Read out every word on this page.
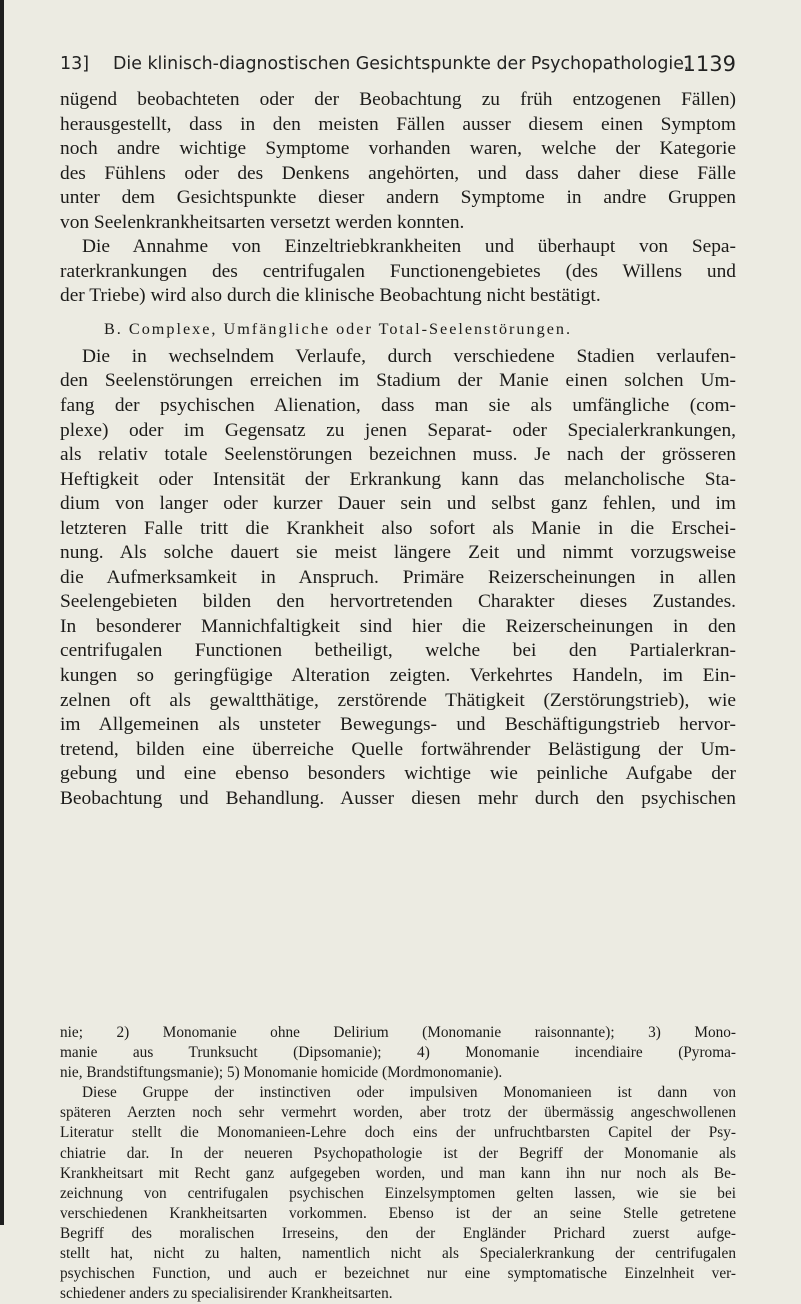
13] Die klinisch-diagnostischen Gesichtspunkte der Psychopathologie.
1139
nügend beobachteten oder der Beobachtung zu früh entzogenen Fällen)
herausgestellt, dass in den meisten Fällen ausser diesem einen Symptom
noch andre wichtige Symptome vorhanden waren, welche der Kategorie
des Fühlens oder des Denkens angehörten, und dass daher diese Fälle
unter dem Gesichtspunkte dieser andern Symptome in andre Gruppen
von Seelenkrankheitsarten versetzt werden konnten.
Die Annahme von Einzeltriebkrankheiten und überhaupt von Sepa-
raterkrankungen des centrifugalen Functionengebietes (des Willens und
der Triebe) wird also durch die klinische Beobachtung nicht bestätigt.
B. Complexe, Umfängliche oder Total-Seelenstörungen.
Die in wechselndem Verlaufe, durch verschiedene Stadien verlaufen-
den Seelenstörungen erreichen im Stadium der Manie einen solchen Um-
fang der psychischen Alienation, dass man sie als umfängliche (com-
plexe) oder im Gegensatz zu jenen Separat- oder Specialerkrankungen,
als relativ totale Seelenstörungen bezeichnen muss. Je nach der grösseren
Heftigkeit oder Intensität der Erkrankung kann das melancholische Sta-
dium von langer oder kurzer Dauer sein und selbst ganz fehlen, und im
letzteren Falle tritt die Krankheit also sofort als Manie in die Erschei-
nung. Als solche dauert sie meist längere Zeit und nimmt vorzugsweise
die Aufmerksamkeit in Anspruch. Primäre Reizerscheinungen in allen
Seelengebieten bilden den hervortretenden Charakter dieses Zustandes.
In besonderer Mannichfaltigkeit sind hier die Reizerscheinungen in den
centrifugalen Functionen betheiligt, welche bei den Partialerkran-
kungen so geringfügige Alteration zeigten. Verkehrtes Handeln, im Ein-
zelnen oft als gewaltthätige, zerstörende Thätigkeit (Zerstörungstrieb), wie
im Allgemeinen als unsteter Bewegungs- und Beschäftigungstrieb hervor-
tretend, bilden eine überreiche Quelle fortwährender Belästigung der Um-
gebung und eine ebenso besonders wichtige wie peinliche Aufgabe der
Beobachtung und Behandlung. Ausser diesen mehr durch den psychischen
nie; 2) Monomanie ohne Delirium (Monomanie raisonnante); 3) Mono-
manie aus Trunksucht (Dipsomanie); 4) Monomanie incendiaire (Pyroma-
nie, Brandstiftungsmanie); 5) Monomanie homicide (Mordmonomanie).
Diese Gruppe der instinctiven oder impulsiven Monomanieen ist dann von
späteren Aerzten noch sehr vermehrt worden, aber trotz der übermässig angeschwollenen
Literatur stellt die Monomanieen-Lehre doch eins der unfruchtbarsten Capitel der Psy-
chiatrie dar. In der neueren Psychopathologie ist der Begriff der Monomanie als
Krankheitsart mit Recht ganz aufgegeben worden, und man kann ihn nur noch als Be-
zeichnung von centrifugalen psychischen Einzelsymptomen gelten lassen, wie sie bei
verschiedenen Krankheitsarten vorkommen. Ebenso ist der an seine Stelle getretene
Begriff des moralischen Irreseins, den der Engländer Prichard zuerst aufge-
stellt hat, nicht zu halten, namentlich nicht als Specialerkrankung der centrifugalen
psychischen Function, und auch er bezeichnet nur eine symptomatische Einzelnheit ver-
schiedener anders zu specialisirender Krankheitsarten.
